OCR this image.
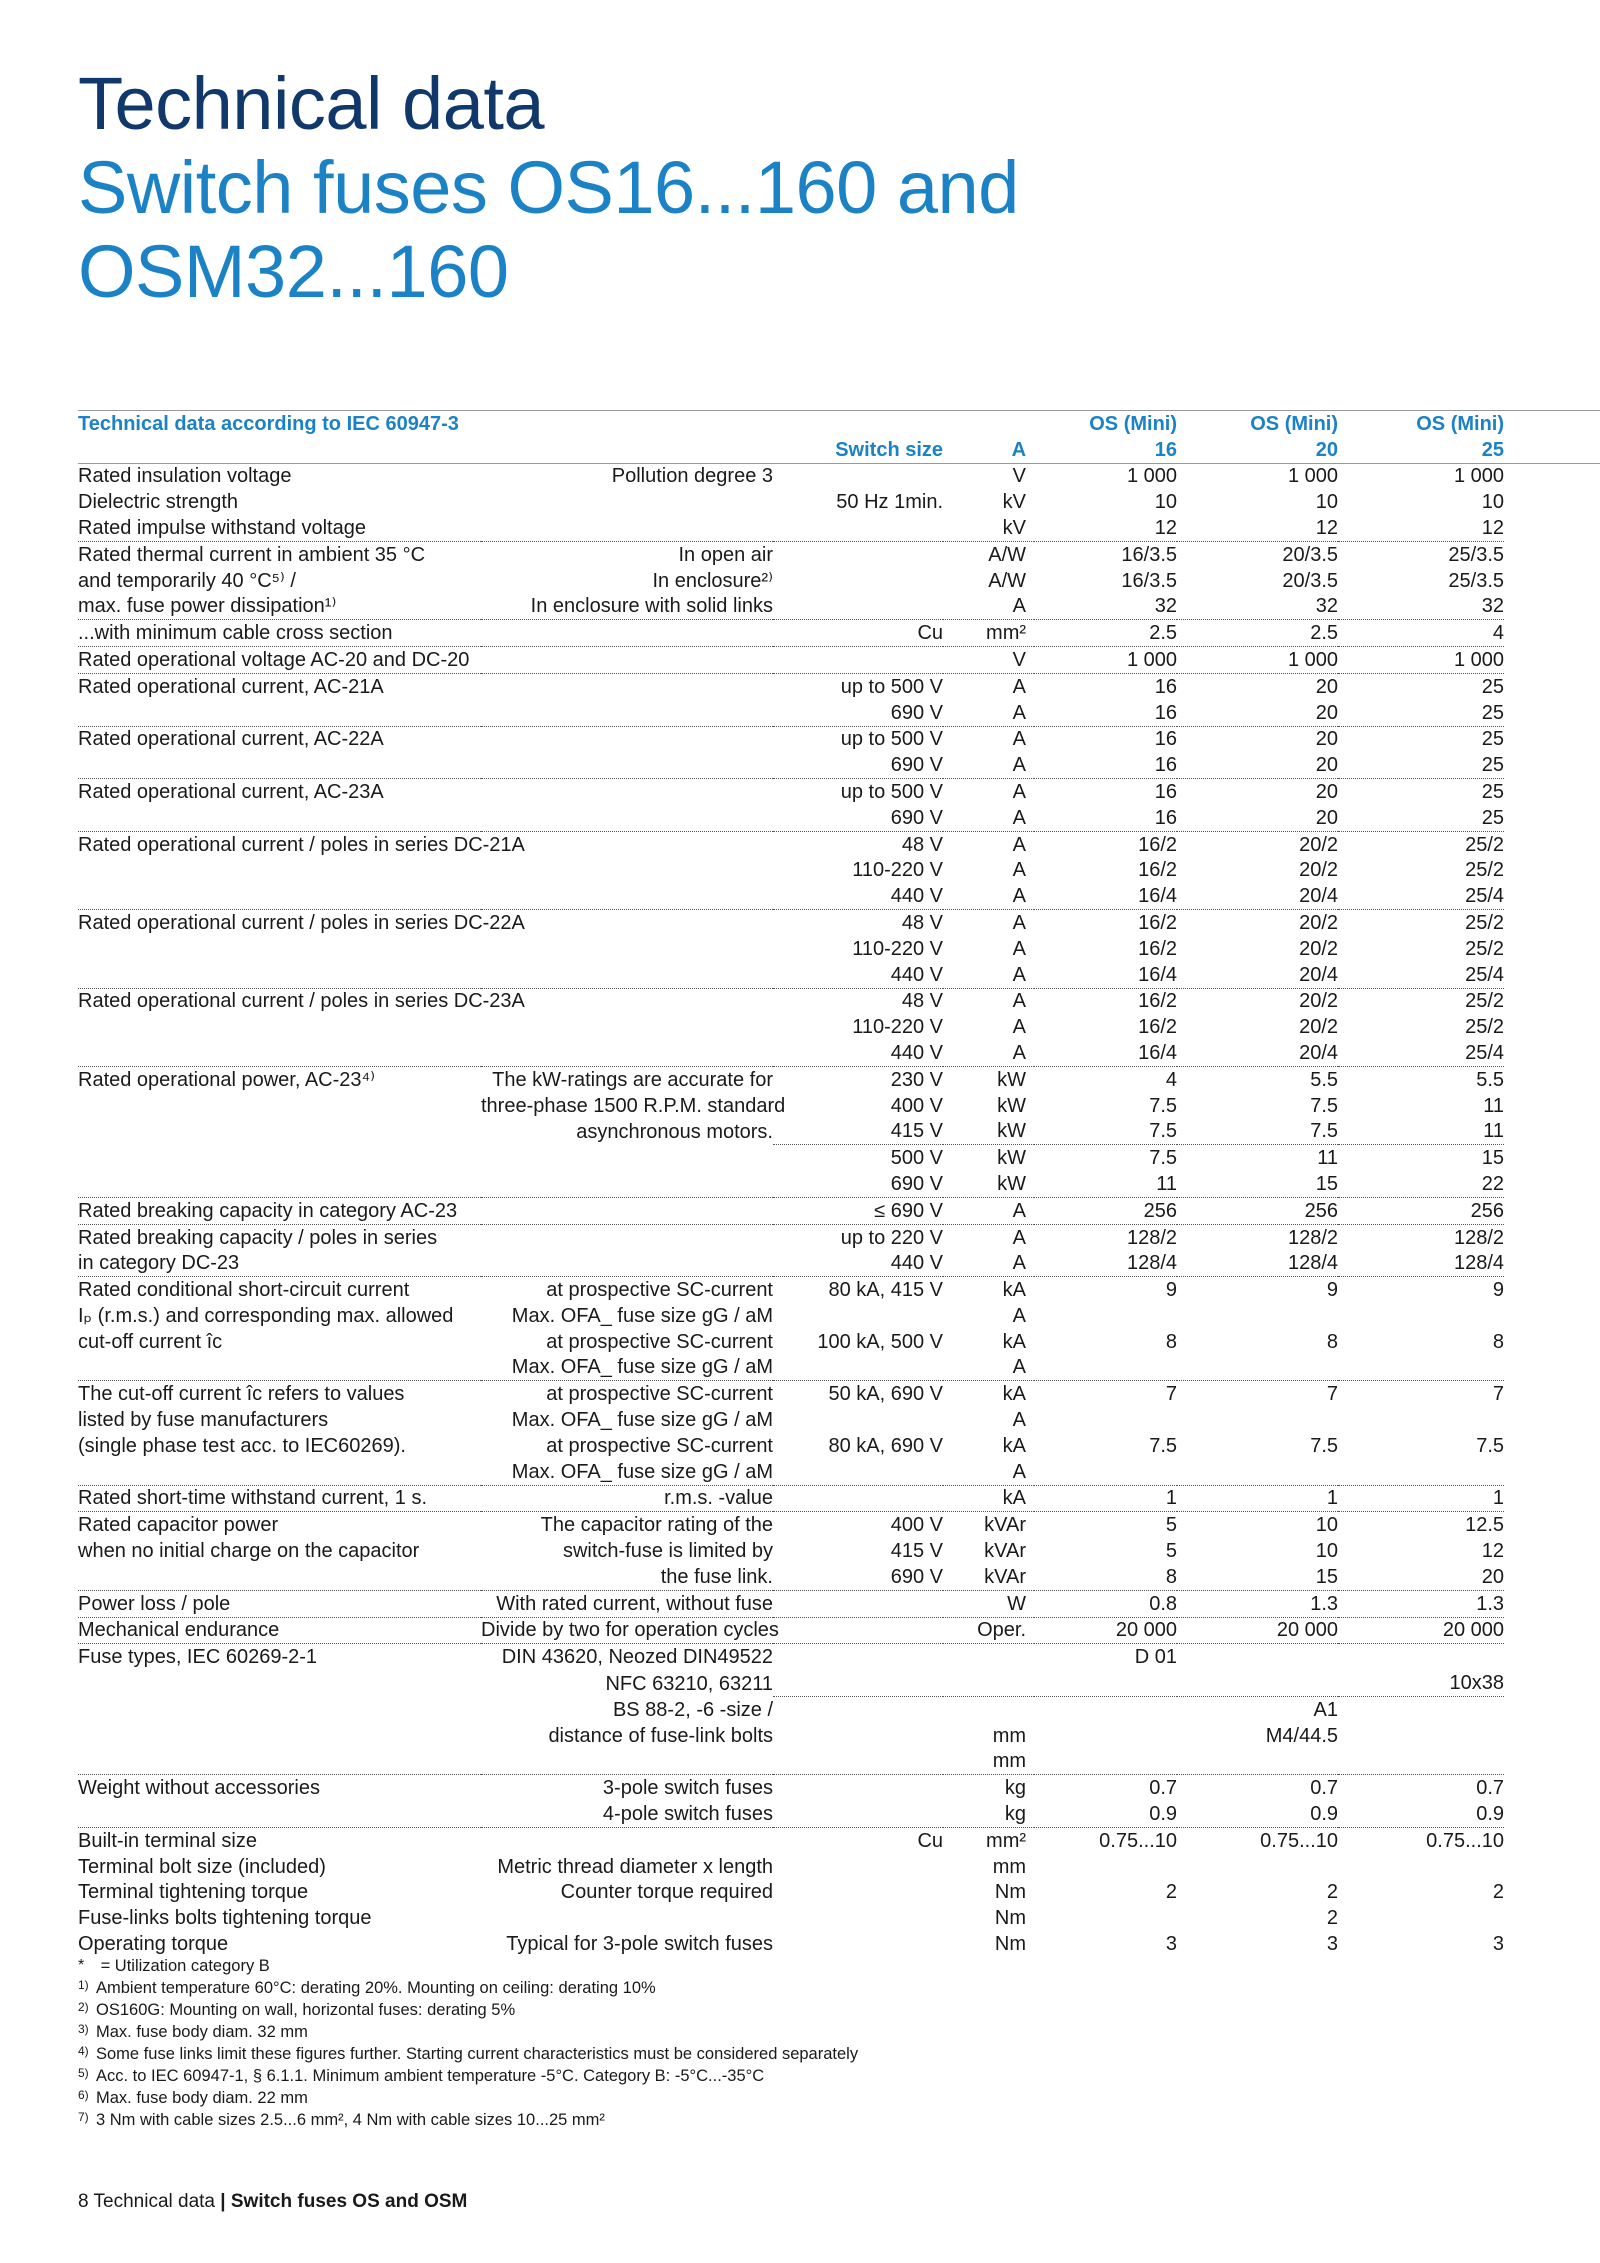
Technical data
Switch fuses OS16...160 and
OSM32...160
Technical data according to IEC 60947-3				OS (Mini)	OS (Mini)	OS (Mini)	
		Switch size	A	16	20	25	
Rated insulation voltage	Pollution degree 3		V	1 000	1 000	1 000	
Dielectric strength		50 Hz 1min.	kV	10	10	10	
Rated impulse withstand voltage			kV	12	12	12	
Rated thermal current in ambient 35 °C	In open air		A/W	16/3.5	20/3.5	25/3.5	
and temporarily 40 °C⁵⁾ /	In enclosure²⁾		A/W	16/3.5	20/3.5	25/3.5	
max. fuse power dissipation¹⁾	In enclosure with solid links		A	32	32	32	
...with minimum cable cross section		Cu	mm²	2.5	2.5	4	
Rated operational voltage AC-20 and DC-20			V	1 000	1 000	1 000	
Rated operational current, AC-21A		up to 500 V	A	16	20	25	
		690 V	A	16	20	25	
Rated operational current, AC-22A		up to 500 V	A	16	20	25	
		690 V	A	16	20	25	
Rated operational current, AC-23A		up to 500 V	A	16	20	25	
		690 V	A	16	20	25	
Rated operational current / poles in series DC-21A		48 V	A	16/2	20/2	25/2	
		110-220 V	A	16/2	20/2	25/2	
		440 V	A	16/4	20/4	25/4	
Rated operational current / poles in series DC-22A		48 V	A	16/2	20/2	25/2	
		110-220 V	A	16/2	20/2	25/2	
		440 V	A	16/4	20/4	25/4	
Rated operational current / poles in series DC-23A		48 V	A	16/2	20/2	25/2	
		110-220 V	A	16/2	20/2	25/2	
		440 V	A	16/4	20/4	25/4	
Rated operational power, AC-23⁴⁾	The kW-ratings are accurate for	230 V	kW	4	5.5	5.5	
	three-phase 1500 R.P.M. standard	400 V	kW	7.5	7.5	11	
	asynchronous motors.	415 V	kW	7.5	7.5	11	
		500 V	kW	7.5	11	15	
		690 V	kW	11	15	22	
Rated breaking capacity in category AC-23		≤ 690 V	A	256	256	256	
Rated breaking capacity / poles in series		up to 220 V	A	128/2	128/2	128/2	
in category DC-23		440 V	A	128/4	128/4	128/4	
Rated conditional short-circuit current	at prospective SC-current	80 kA, 415 V	kA	9	9	9	
Iₚ (r.m.s.) and corresponding max. allowed	Max. OFA_ fuse size gG / aM		A				
cut-off current îc	at prospective SC-current	100 kA, 500 V	kA	8	8	8	
	Max. OFA_ fuse size gG / aM		A				
The cut-off current îc refers to values	at prospective SC-current	50 kA, 690 V	kA	7	7	7	
listed by fuse manufacturers	Max. OFA_ fuse size gG / aM		A				
(single phase test acc. to IEC60269).	at prospective SC-current	80 kA, 690 V	kA	7.5	7.5	7.5	
	Max. OFA_ fuse size gG / aM		A				
Rated short-time withstand current, 1 s.	r.m.s. -value		kA	1	1	1	
Rated capacitor power	The capacitor rating of the	400 V	kVAr	5	10	12.5	
when no initial charge on the capacitor	switch-fuse is limited by	415 V	kVAr	5	10	12	
	the fuse link.	690 V	kVAr	8	15	20	
Power loss / pole	With rated current, without fuse		W	0.8	1.3	1.3	
Mechanical endurance	Divide by two for operation cycles		Oper.	20 000	20 000	20 000	
Fuse types, IEC 60269-2-1	DIN 43620, Neozed DIN49522			D 01			
	NFC 63210, 63211					10x38	
	BS 88-2, -6 -size /				A1		
	distance of fuse-link bolts		mm		M4/44.5		
			mm				
Weight without accessories	3-pole switch fuses		kg	0.7	0.7	0.7	
	4-pole switch fuses		kg	0.9	0.9	0.9	
Built-in terminal size		Cu	mm²	0.75...10	0.75...10	0.75...10	
Terminal bolt size (included)	Metric thread diameter x length		mm				
Terminal tightening torque	Counter torque required		Nm	2	2	2	
Fuse-links bolts tightening torque			Nm		2		
Operating torque	Typical for 3-pole switch fuses		Nm	3	3	3	
* = Utilization category B
1) Ambient temperature 60°C: derating 20%. Mounting on ceiling: derating 10%
2) OS160G: Mounting on wall, horizontal fuses: derating 5%
3) Max. fuse body diam. 32 mm
4) Some fuse links limit these figures further. Starting current characteristics must be considered separately
5) Acc. to IEC 60947-1, § 6.1.1. Minimum ambient temperature -5°C. Category B: -5°C...-35°C
6) Max. fuse body diam. 22 mm
7) 3 Nm with cable sizes 2.5...6 mm², 4 Nm with cable sizes 10...25 mm²
8 Technical data | Switch fuses OS and OSM
